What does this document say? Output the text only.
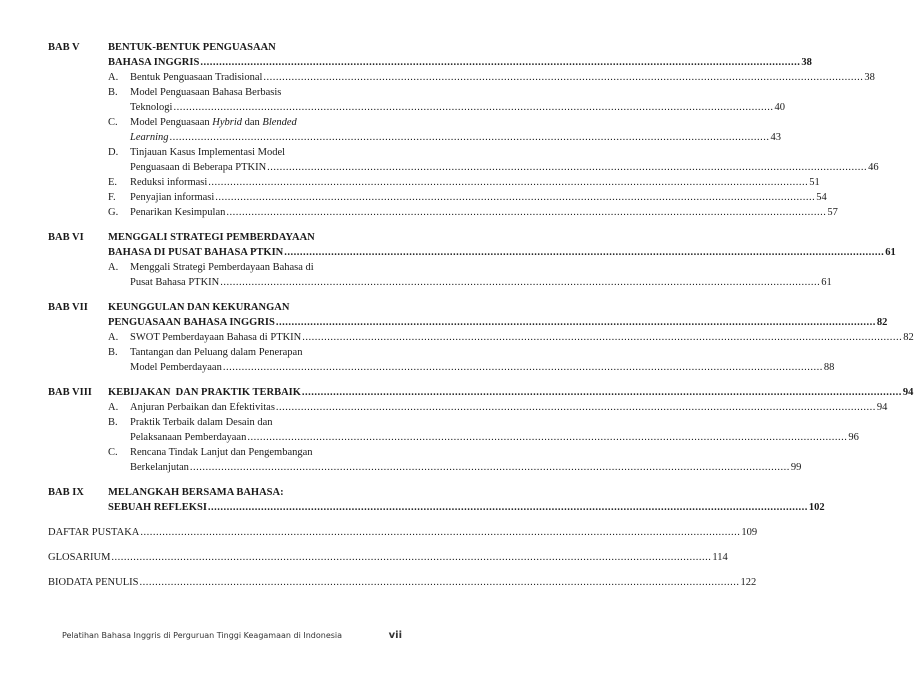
BAB V	BENTUK-BENTUK PENGUASAAN
BAHASA INGGRIS .....	38
A.	Bentuk Penguasaan Tradisional .....	38
B.	Model Penguasaan Bahasa Berbasis
Teknologi .....	40
C.	Model Penguasaan Hybrid dan Blended
Learning .....	43
D.	Tinjauan Kasus Implementasi Model
Penguasaan di Beberapa PTKIN .....	46
E.	Reduksi informasi .....	51
F.	Penyajian informasi .....	54
G.	Penarikan Kesimpulan .....	57
BAB VI	MENGGALI STRATEGI PEMBERDAYAAN
BAHASA DI PUSAT BAHASA PTKIN .....	61
A.	Menggali Strategi Pemberdayaan Bahasa di
Pusat Bahasa PTKIN .....	61
BAB VII	KEUNGGULAN DAN KEKURANGAN
PENGUASAAN BAHASA INGGRIS .....	82
A.	SWOT Pemberdayaan Bahasa di PTKIN .....	82
B.	Tantangan dan Peluang dalam Penerapan
Model Pemberdayaan .....	88
BAB VIII	KEBIJAKAN  DAN PRAKTIK TERBAIK .....	94
A.	Anjuran Perbaikan dan Efektivitas .....	94
B.	Praktik Terbaik dalam Desain dan
Pelaksanaan Pemberdayaan .....	96
C.	Rencana Tindak Lanjut dan Pengembangan
Berkelanjutan .....	99
BAB IX	MELANGKAH BERSAMA BAHASA:
SEBUAH REFLEKSI .....	102
DAFTAR PUSTAKA .....	109
GLOSARIUM .....	114
BIODATA PENULIS .....	122
Pelatihan Bahasa Inggris di Perguruan Tinggi Keagamaan di Indonesia	vii
